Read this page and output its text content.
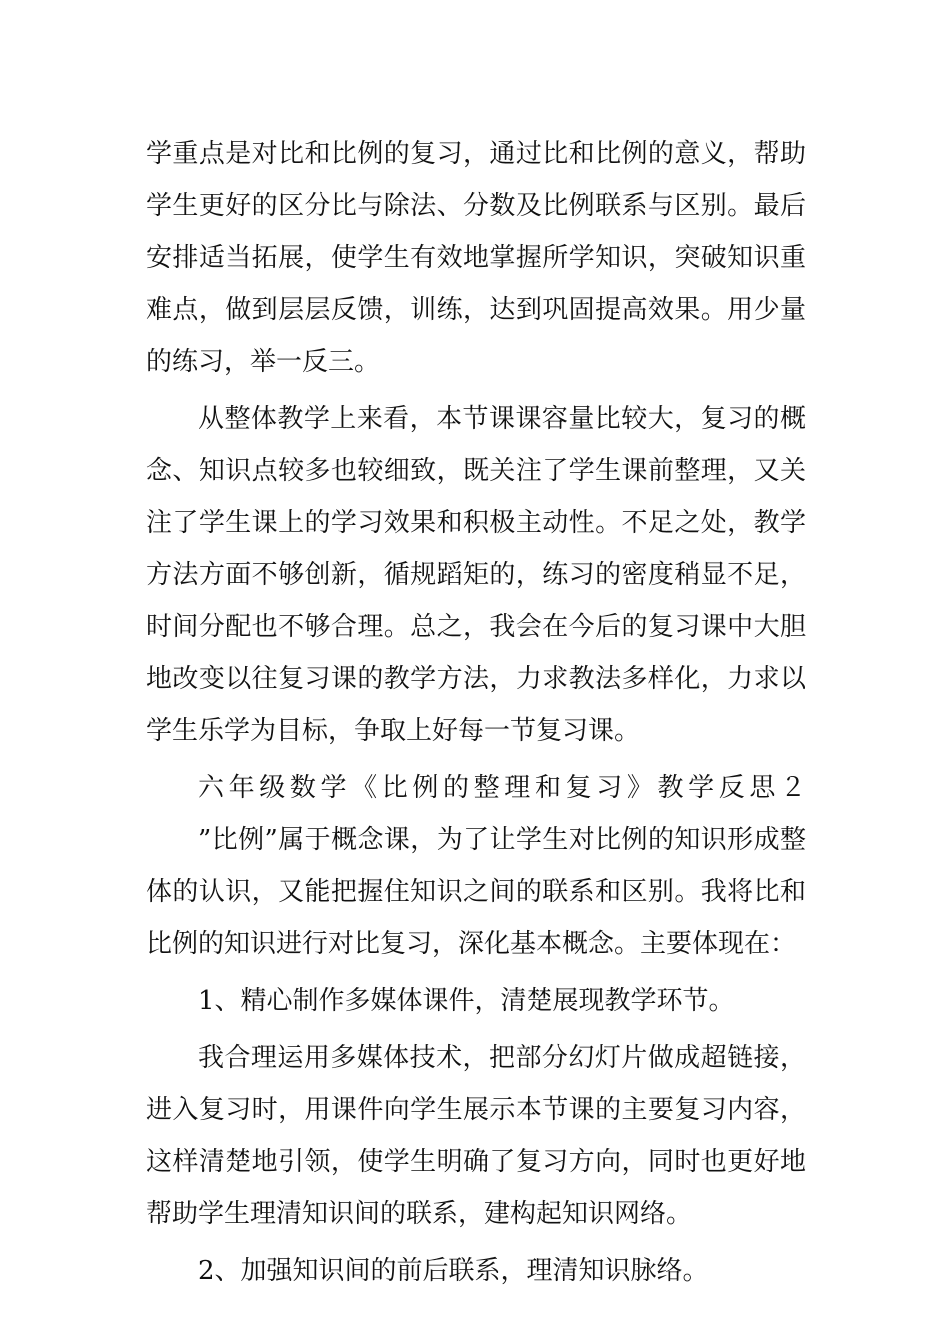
学重点是对比和比例的复习，通过比和比例的意义，帮助学生更好的区分比与除法、分数及比例联系与区别。最后安排适当拓展，使学生有效地掌握所学知识，突破知识重难点，做到层层反馈，训练，达到巩固提高效果。用少量的练习，举一反三。

从整体教学上来看，本节课课容量比较大，复习的概念、知识点较多也较细致，既关注了学生课前整理，又关注了学生课上的学习效果和积极主动性。不足之处，教学方法方面不够创新，循规蹈矩的，练习的密度稍显不足，时间分配也不够合理。总之，我会在今后的复习课中大胆地改变以往复习课的教学方法，力求教法多样化，力求以学生乐学为目标，争取上好每一节复习课。

六年级数学《比例的整理和复习》教学反思２      ”比例”属于概念课，为了让学生对比例的知识形成整体的认识，又能把握住知识之间的联系和区别。我将比和比例的知识进行对比复习，深化基本概念。主要体现在：

1、精心制作多媒体课件，清楚展现教学环节。

我合理运用多媒体技术，把部分幻灯片做成超链接，进入复习时，用课件向学生展示本节课的主要复习内容，这样清楚地引领，使学生明确了复习方向，同时也更好地帮助学生理清知识间的联系，建构起知识网络。

2、加强知识间的前后联系，理清知识脉络。
